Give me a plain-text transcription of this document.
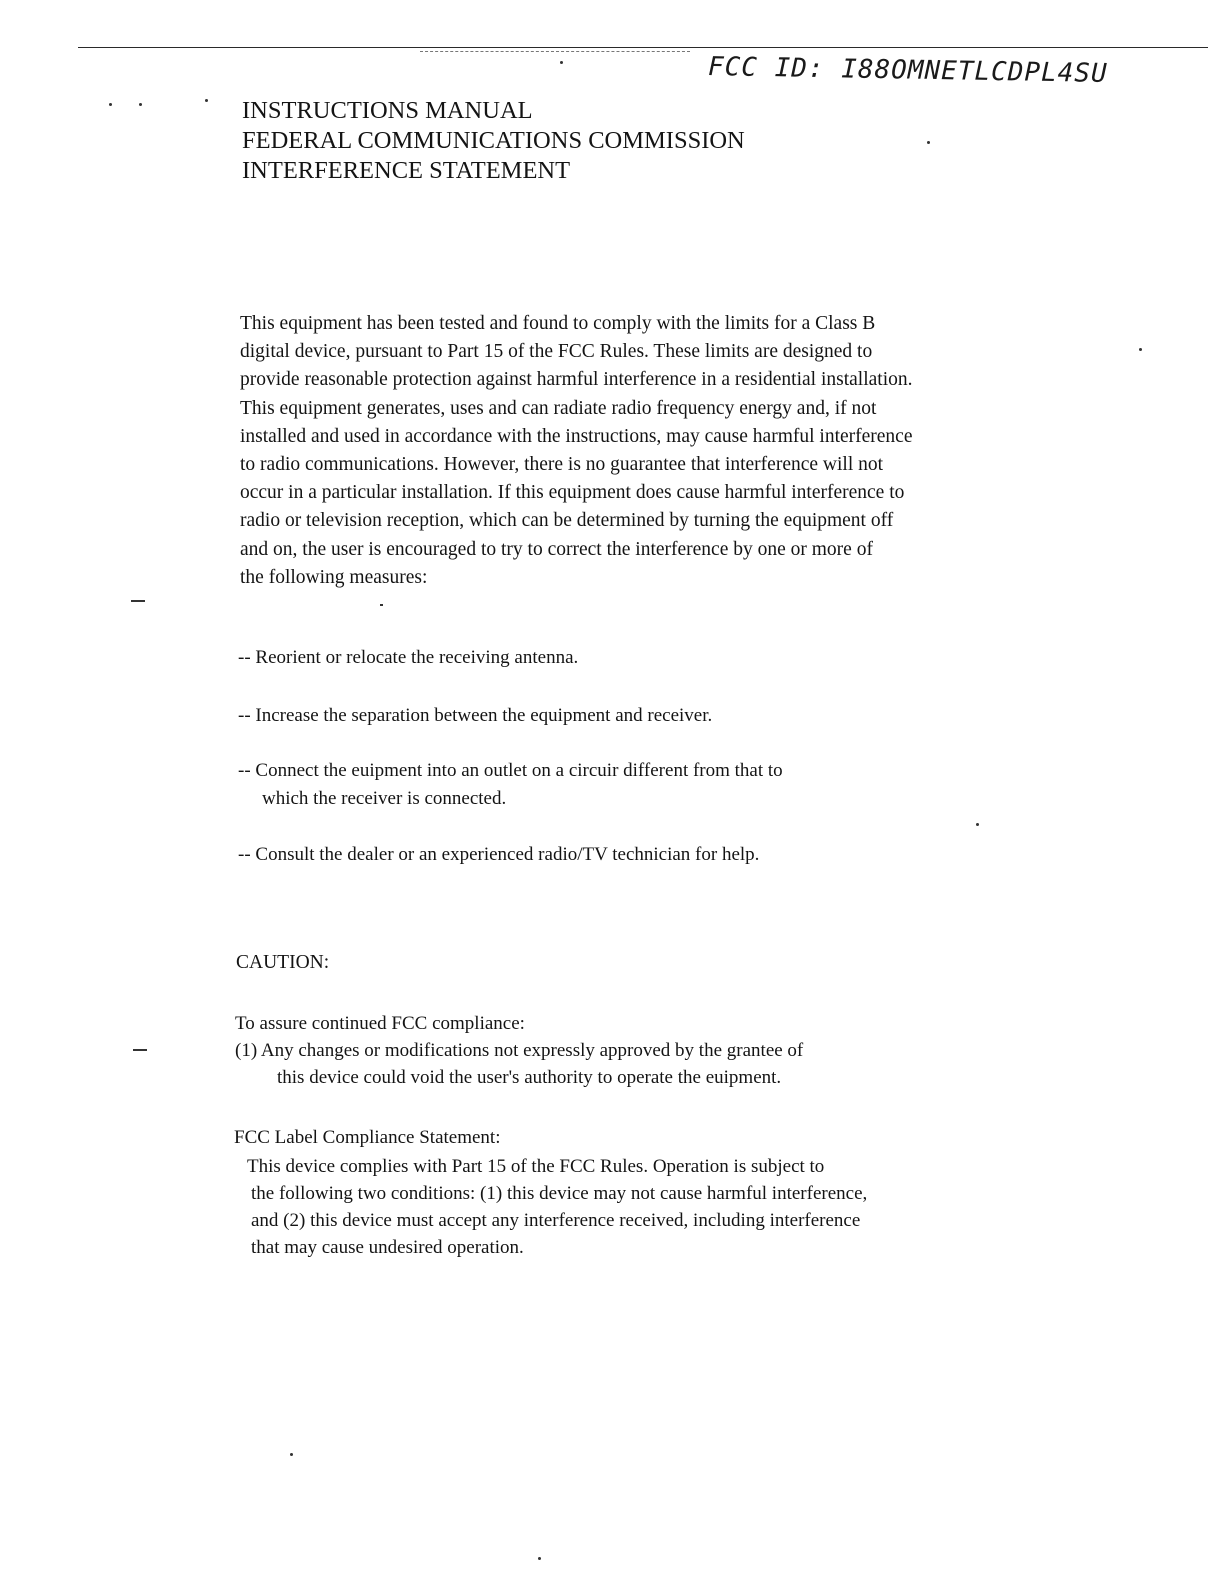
FCC ID: I88OMNETLCDPL4SU
INSTRUCTIONS MANUAL
FEDERAL COMMUNICATIONS COMMISSION
INTERFERENCE STATEMENT
This equipment has been tested and found to comply with the limits for a Class B
digital device, pursuant to Part 15 of the FCC Rules. These limits are designed to
provide reasonable protection against harmful interference in a residential installation.
This equipment generates, uses and can radiate radio frequency energy and, if not
installed and used in accordance with the instructions, may cause harmful interference
to radio communications. However, there is no guarantee that interference will not
occur in a particular installation. If this equipment does cause harmful interference to
radio or television reception, which can be determined by turning the equipment off
and on, the user is encouraged to try to correct the interference by one or more of
the following measures:
-- Reorient or relocate the receiving antenna.
-- Increase the separation between the equipment and receiver.
-- Connect the euipment into an outlet on a circuir different from that to
which the receiver is connected.
-- Consult the dealer or an experienced radio/TV technician for help.
CAUTION:
To assure continued FCC compliance:
(1) Any changes or modifications not expressly approved by the grantee of
this device could void the user's authority to operate the euipment.
FCC Label Compliance Statement:
This device complies with Part 15 of the FCC Rules. Operation is subject to
the following two conditions: (1) this device may not cause harmful interference,
and (2) this device must accept any interference received, including interference
that may cause undesired operation.
